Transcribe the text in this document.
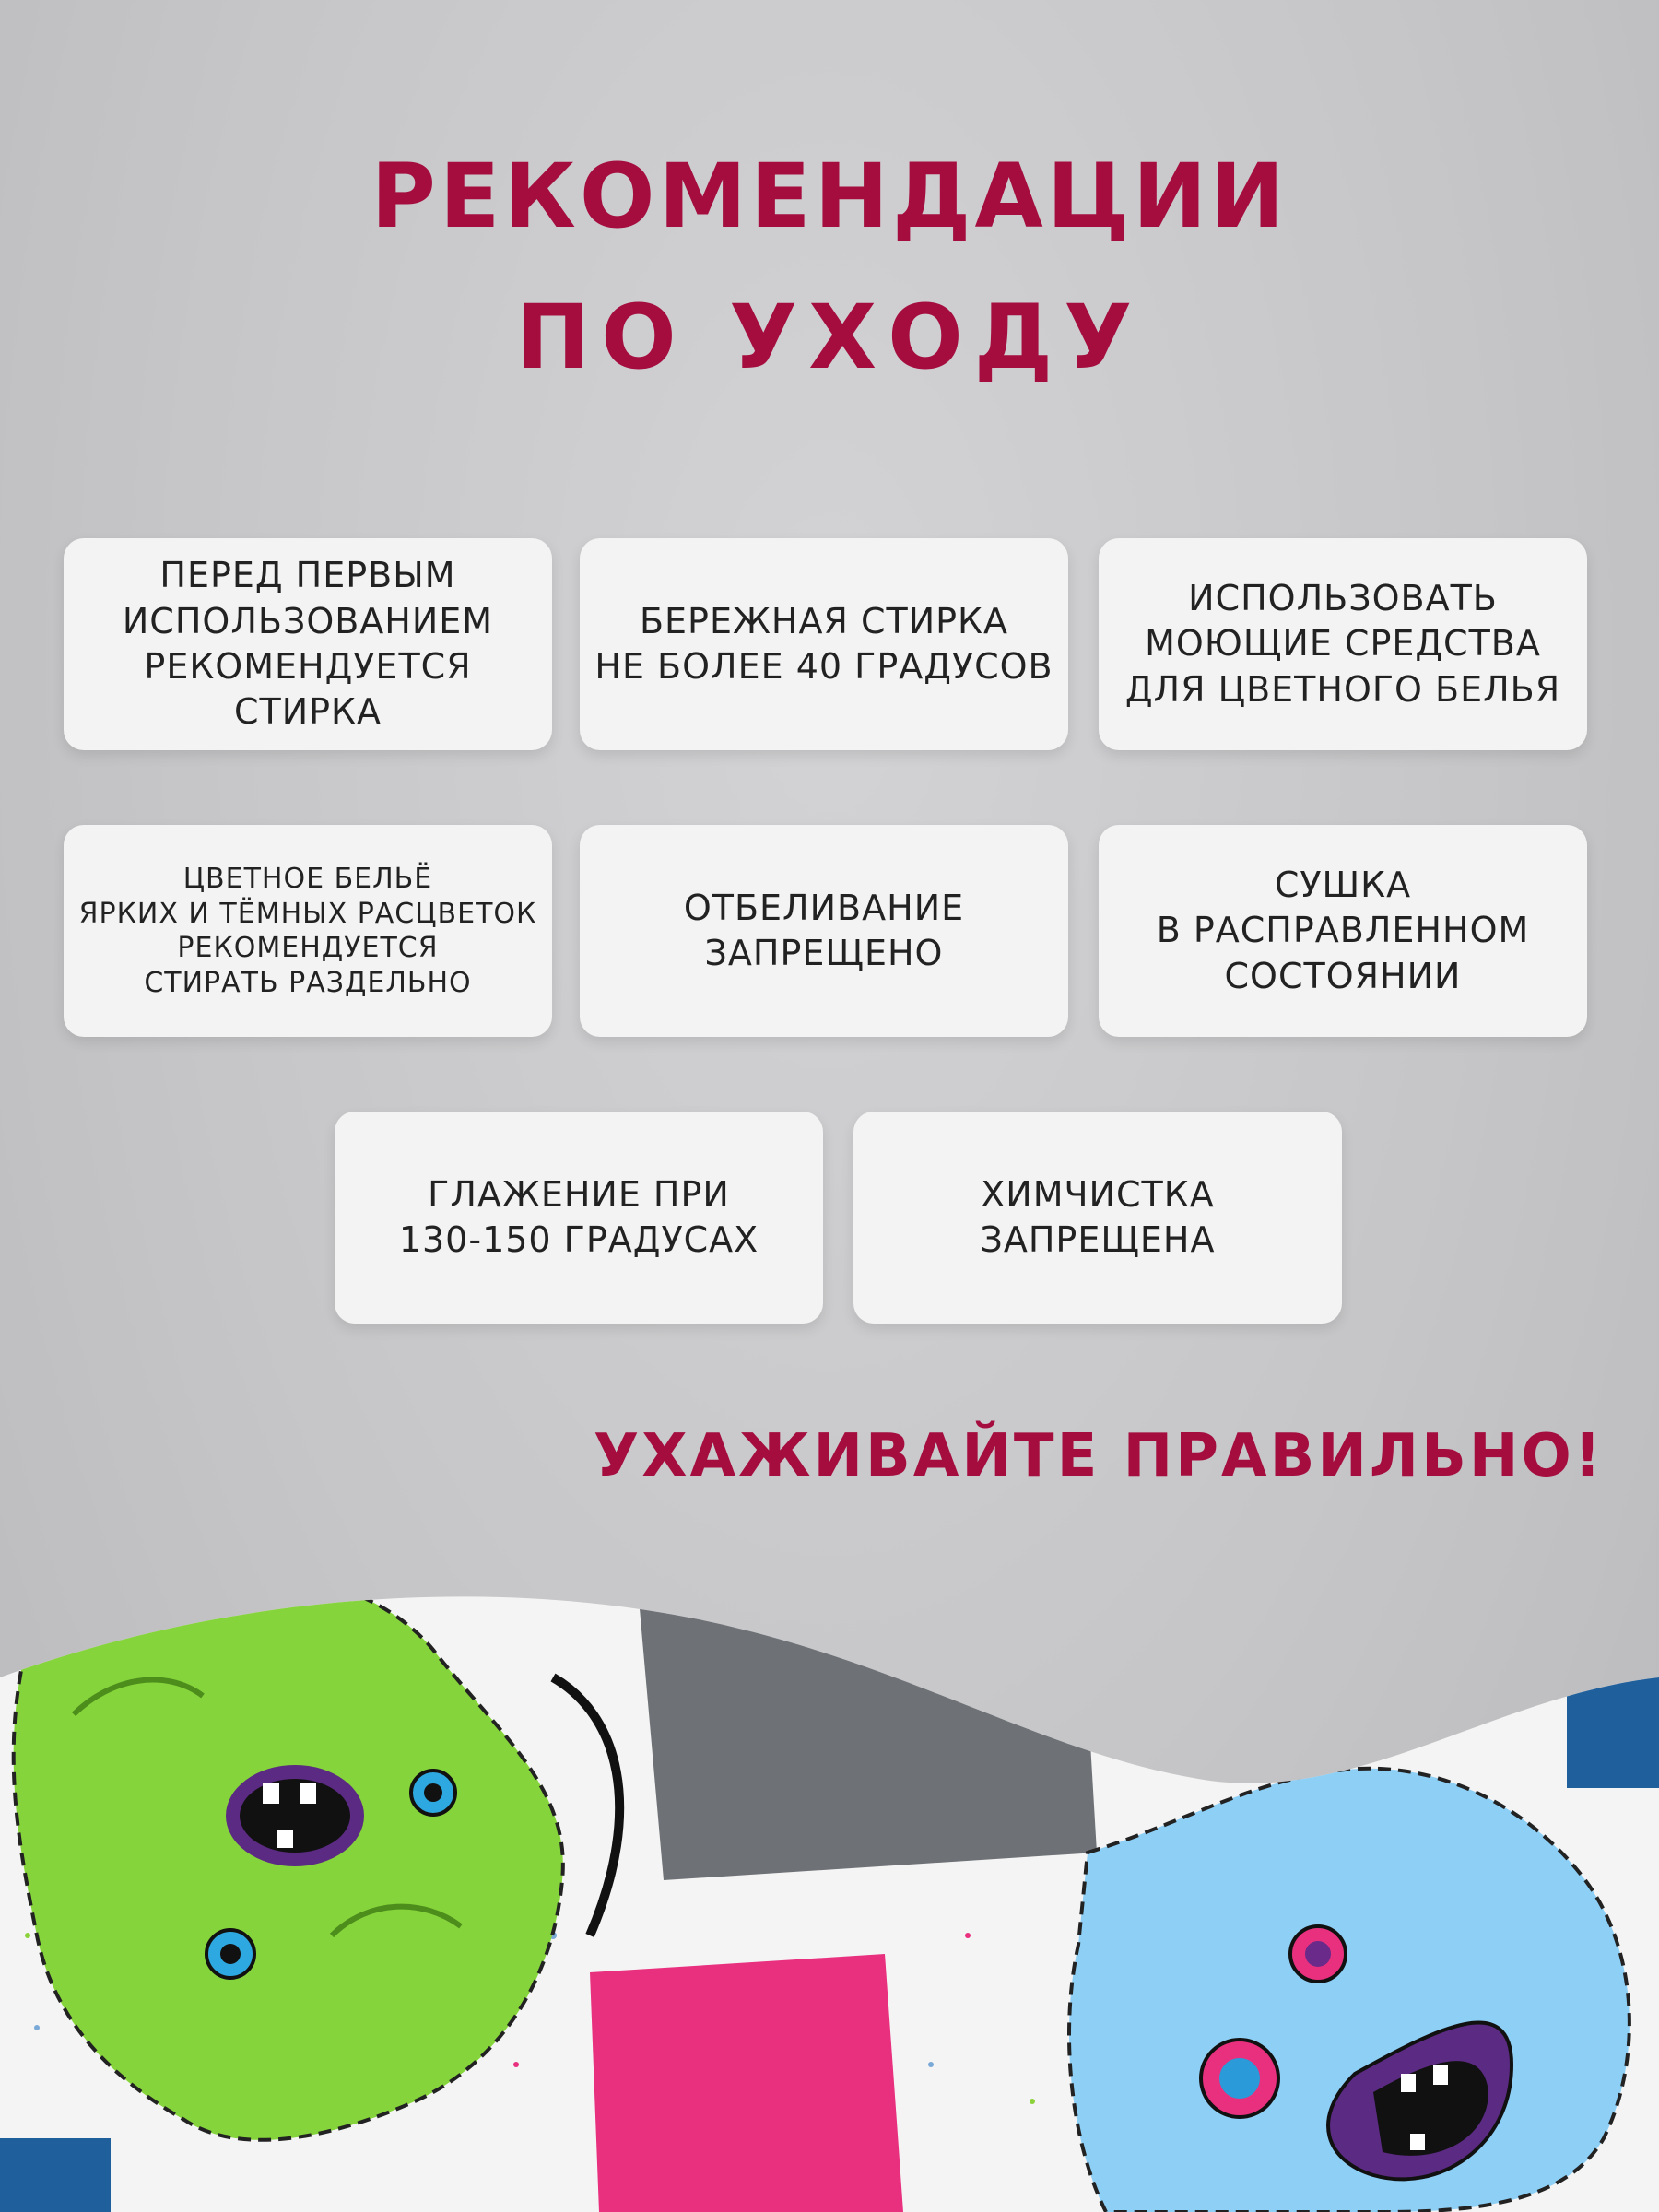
РЕКОМЕНДАЦИИ
ПО УХОДУ
ПЕРЕД ПЕРВЫМ
ИСПОЛЬЗОВАНИЕМ
РЕКОМЕНДУЕТСЯ СТИРКА
БЕРЕЖНАЯ СТИРКА
НЕ БОЛЕЕ 40 ГРАДУСОВ
ИСПОЛЬЗОВАТЬ
МОЮЩИЕ СРЕДСТВА
ДЛЯ ЦВЕТНОГО БЕЛЬЯ
ЦВЕТНОЕ БЕЛЬЁ
ЯРКИХ И ТЁМНЫХ РАСЦВЕТОК
РЕКОМЕНДУЕТСЯ
СТИРАТЬ РАЗДЕЛЬНО
ОТБЕЛИВАНИЕ
ЗАПРЕЩЕНО
СУШКА
В РАСПРАВЛЕННОМ
СОСТОЯНИИ
ГЛАЖЕНИЕ ПРИ
130-150 ГРАДУСАХ
ХИМЧИСТКА
ЗАПРЕЩЕНА
УХАЖИВАЙТЕ ПРАВИЛЬНО!
